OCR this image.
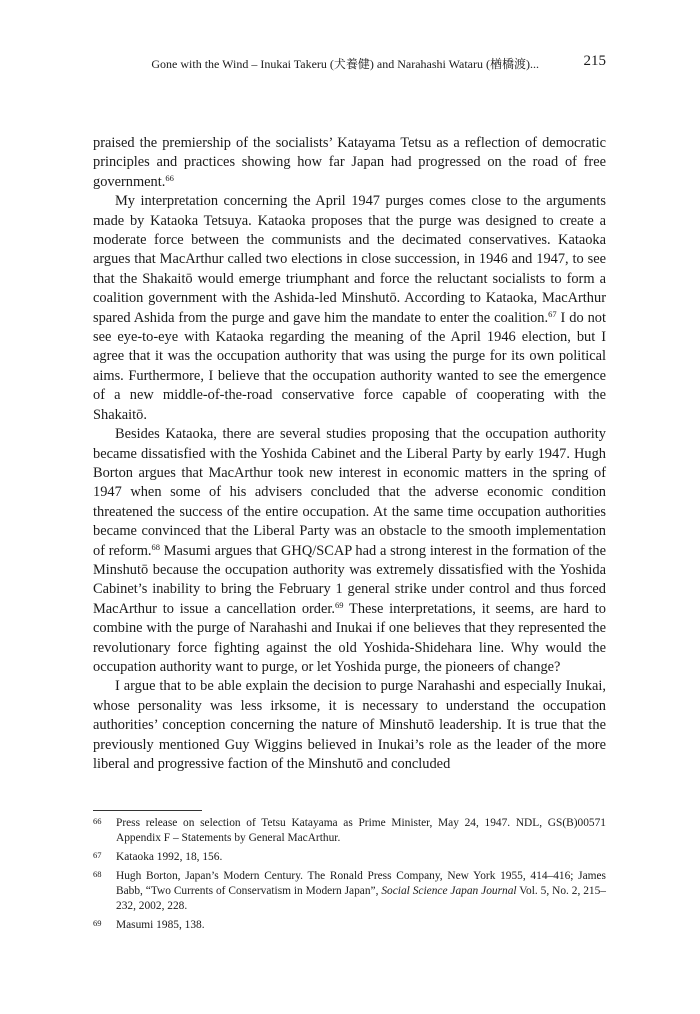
Gone with the Wind – Inukai Takeru (犬養健) and Narahashi Wataru (楢橋渡)...	215

praised the premiership of the socialists’ Katayama Tetsu as a reflection of democratic principles and practices showing how far Japan had progressed on the road of free government.$^{66}$

My interpretation concerning the April 1947 purges comes close to the arguments made by Kataoka Tetsuya. Kataoka proposes that the purge was designed to create a moderate force between the communists and the decimated conservatives. Kataoka argues that MacArthur called two elections in close succession, in 1946 and 1947, to see that the Shakaitō would emerge triumphant and force the reluctant socialists to form a coalition government with the Ashida-led Minshutō. According to Kataoka, MacArthur spared Ashida from the purge and gave him the mandate to enter the coalition.$^{67}$ I do not see eye-to-eye with Kataoka regarding the meaning of the April 1946 election, but I agree that it was the occupation authority that was using the purge for its own political aims. Furthermore, I believe that the occupation authority wanted to see the emergence of a new middle-of-the-road conservative force capable of cooperating with the Shakaitō.

Besides Kataoka, there are several studies proposing that the occupation authority became dissatisfied with the Yoshida Cabinet and the Liberal Party by early 1947. Hugh Borton argues that MacArthur took new interest in economic matters in the spring of 1947 when some of his advisers concluded that the adverse economic condition threatened the success of the entire occupation. At the same time occupation authorities became convinced that the Liberal Party was an obstacle to the smooth implementation of reform.$^{68}$ Masumi argues that GHQ/SCAP had a strong interest in the formation of the Minshutō because the occupation authority was extremely dissatisfied with the Yoshida Cabinet’s inability to bring the February 1 general strike under control and thus forced MacArthur to issue a cancellation order.$^{69}$ These interpretations, it seems, are hard to combine with the purge of Narahashi and Inukai if one believes that they represented the revolutionary force fighting against the old Yoshida-Shidehara line. Why would the occupation authority want to purge, or let Yoshida purge, the pioneers of change?

I argue that to be able explain the decision to purge Narahashi and especially Inukai, whose personality was less irksome, it is necessary to understand the occupation authorities’ conception concerning the nature of Minshutō leadership. It is true that the previously mentioned Guy Wiggins believed in Inukai’s role as the leader of the more liberal and progressive faction of the Minshutō and concluded

66 Press release on selection of Tetsu Katayama as Prime Minister, May 24, 1947. NDL, GS(B)00571 Appendix F – Statements by General MacArthur.
67 Kataoka 1992, 18, 156.
68 Hugh Borton, Japan’s Modern Century. The Ronald Press Company, New York 1955, 414–416; James Babb, “Two Currents of Conservatism in Modern Japan”, Social Science Japan Journal Vol. 5, No. 2, 215–232, 2002, 228.
69 Masumi 1985, 138.
